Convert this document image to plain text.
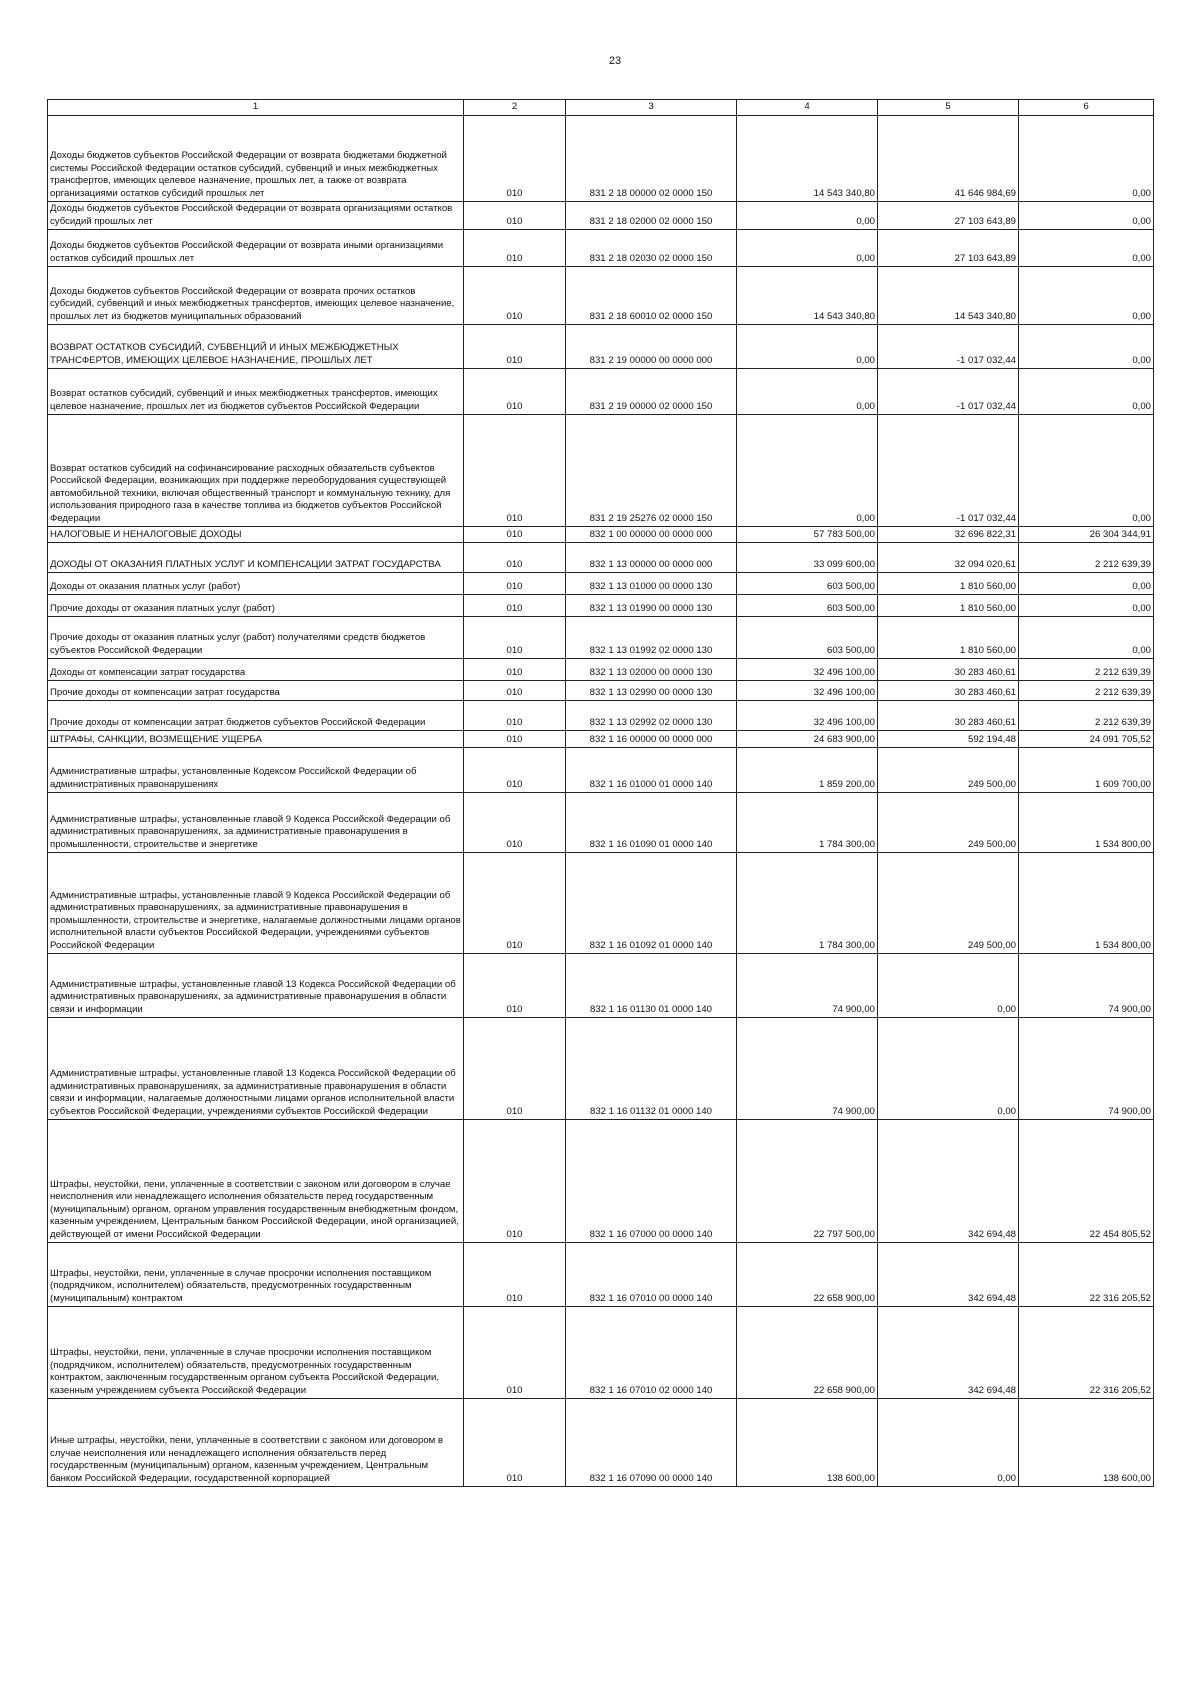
23
1	2	3	4	5	6
Доходы бюджетов субъектов Российской Федерации от возврата бюджетами бюджетной системы Российской Федерации остатков субсидий, субвенций и иных межбюджетных трансфертов, имеющих целевое назначение, прошлых лет, а также от возврата организациями остатков субсидий прошлых лет	010	831 2 18 00000 02 0000 150	14 543 340,80	41 646 984,69	0,00
Доходы бюджетов субъектов Российской Федерации от возврата организациями остатков субсидий прошлых лет	010	831 2 18 02000 02 0000 150	0,00	27 103 643,89	0,00
Доходы бюджетов субъектов Российской Федерации от возврата иными организациями остатков субсидий прошлых лет	010	831 2 18 02030 02 0000 150	0,00	27 103 643,89	0,00
Доходы бюджетов субъектов Российской Федерации от возврата прочих остатков субсидий, субвенций и иных межбюджетных трансфертов, имеющих целевое назначение, прошлых лет из бюджетов муниципальных образований	010	831 2 18 60010 02 0000 150	14 543 340,80	14 543 340,80	0,00
ВОЗВРАТ ОСТАТКОВ СУБСИДИЙ, СУБВЕНЦИЙ И ИНЫХ МЕЖБЮДЖЕТНЫХ ТРАНСФЕРТОВ, ИМЕЮЩИХ ЦЕЛЕВОЕ НАЗНАЧЕНИЕ, ПРОШЛЫХ ЛЕТ	010	831 2 19 00000 00 0000 000	0,00	-1 017 032,44	0,00
Возврат остатков субсидий, субвенций и иных межбюджетных трансфертов, имеющих целевое назначение, прошлых лет из бюджетов субъектов Российской Федерации	010	831 2 19 00000 02 0000 150	0,00	-1 017 032,44	0,00
Возврат остатков субсидий на софинансирование расходных обязательств субъектов Российской Федерации, возникающих при поддержке переоборудования существующей автомобильной техники, включая общественный транспорт и коммунальную технику, для использования природного газа в качестве топлива из бюджетов субъектов Российской Федерации	010	831 2 19 25276 02 0000 150	0,00	-1 017 032,44	0,00
НАЛОГОВЫЕ И НЕНАЛОГОВЫЕ ДОХОДЫ	010	832 1 00 00000 00 0000 000	57 783 500,00	32 696 822,31	26 304 344,91
ДОХОДЫ ОТ ОКАЗАНИЯ ПЛАТНЫХ УСЛУГ И КОМПЕНСАЦИИ ЗАТРАТ ГОСУДАРСТВА	010	832 1 13 00000 00 0000 000	33 099 600,00	32 094 020,61	2 212 639,39
Доходы от оказания платных услуг (работ)	010	832 1 13 01000 00 0000 130	603 500,00	1 810 560,00	0,00
Прочие доходы от оказания платных услуг (работ)	010	832 1 13 01990 00 0000 130	603 500,00	1 810 560,00	0,00
Прочие доходы от оказания платных услуг (работ) получателями средств бюджетов субъектов Российской Федерации	010	832 1 13 01992 02 0000 130	603 500,00	1 810 560,00	0,00
Доходы от компенсации затрат государства	010	832 1 13 02000 00 0000 130	32 496 100,00	30 283 460,61	2 212 639,39
Прочие доходы от компенсации затрат государства	010	832 1 13 02990 00 0000 130	32 496 100,00	30 283 460,61	2 212 639,39
Прочие доходы от компенсации затрат бюджетов субъектов Российской Федерации	010	832 1 13 02992 02 0000 130	32 496 100,00	30 283 460,61	2 212 639,39
ШТРАФЫ, САНКЦИИ, ВОЗМЕЩЕНИЕ УЩЕРБА	010	832 1 16 00000 00 0000 000	24 683 900,00	592 194,48	24 091 705,52
Административные штрафы, установленные Кодексом Российской Федерации об административных правонарушениях	010	832 1 16 01000 01 0000 140	1 859 200,00	249 500,00	1 609 700,00
Административные штрафы, установленные главой 9 Кодекса Российской Федерации об административных правонарушениях, за административные правонарушения в промышленности, строительстве и энергетике	010	832 1 16 01090 01 0000 140	1 784 300,00	249 500,00	1 534 800,00
Административные штрафы, установленные главой 9 Кодекса Российской Федерации об административных правонарушениях, за административные правонарушения в промышленности, строительстве и энергетике, налагаемые должностными лицами органов исполнительной власти субъектов Российской Федерации, учреждениями субъектов Российской Федерации	010	832 1 16 01092 01 0000 140	1 784 300,00	249 500,00	1 534 800,00
Административные штрафы, установленные главой 13 Кодекса Российской Федерации об административных правонарушениях, за административные правонарушения в области связи и информации	010	832 1 16 01130 01 0000 140	74 900,00	0,00	74 900,00
Административные штрафы, установленные главой 13 Кодекса Российской Федерации об административных правонарушениях, за административные правонарушения в области связи и информации, налагаемые должностными лицами органов исполнительной власти субъектов Российской Федерации, учреждениями субъектов Российской Федерации	010	832 1 16 01132 01 0000 140	74 900,00	0,00	74 900,00
Штрафы, неустойки, пени, уплаченные в соответствии с законом или договором в случае неисполнения или ненадлежащего исполнения обязательств перед государственным (муниципальным) органом, органом управления государственным внебюджетным фондом, казенным учреждением, Центральным банком Российской Федерации, иной организацией, действующей от имени Российской Федерации	010	832 1 16 07000 00 0000 140	22 797 500,00	342 694,48	22 454 805,52
Штрафы, неустойки, пени, уплаченные в случае просрочки исполнения поставщиком (подрядчиком, исполнителем) обязательств, предусмотренных государственным (муниципальным) контрактом	010	832 1 16 07010 00 0000 140	22 658 900,00	342 694,48	22 316 205,52
Штрафы, неустойки, пени, уплаченные в случае просрочки исполнения поставщиком (подрядчиком, исполнителем) обязательств, предусмотренных государственным контрактом, заключенным государственным органом субъекта Российской Федерации, казенным учреждением субъекта Российской Федерации	010	832 1 16 07010 02 0000 140	22 658 900,00	342 694,48	22 316 205,52
Иные штрафы, неустойки, пени, уплаченные в соответствии с законом или договором в случае неисполнения или ненадлежащего исполнения обязательств перед государственным (муниципальным) органом, казенным учреждением, Центральным банком Российской Федерации, государственной корпорацией	010	832 1 16 07090 00 0000 140	138 600,00	0,00	138 600,00
